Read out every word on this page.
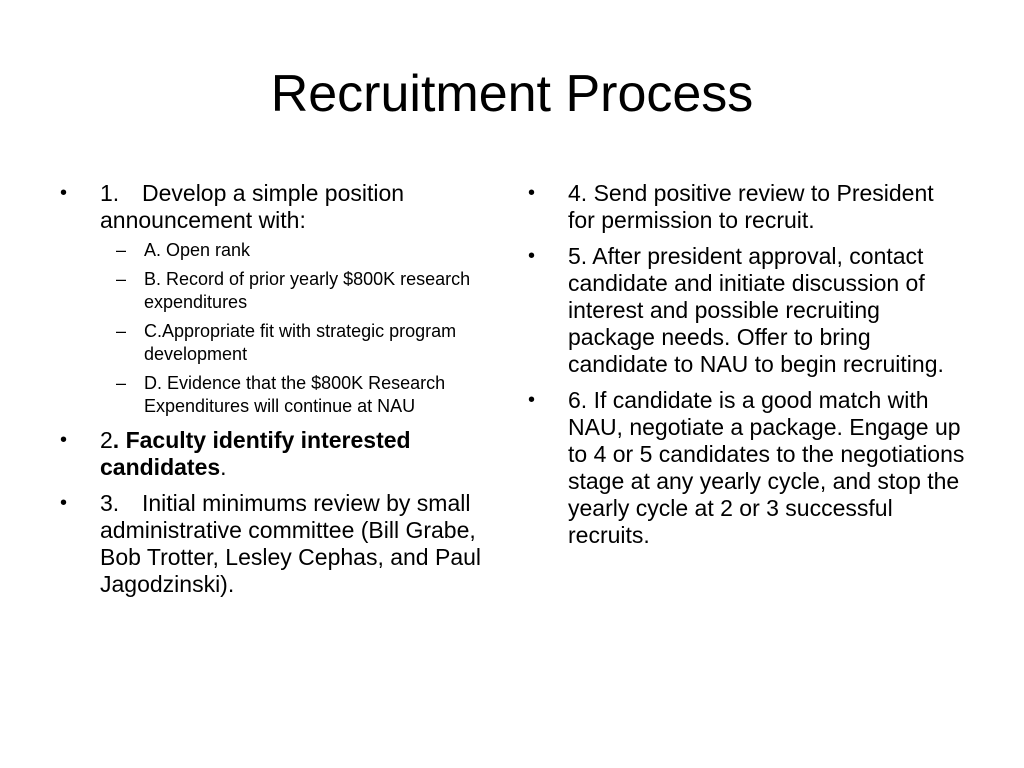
Recruitment Process
• 1. Develop a simple position announcement with:
– A. Open rank
– B. Record of prior yearly $800K research expenditures
– C.Appropriate fit with strategic program development
– D. Evidence that the $800K Research Expenditures will continue at NAU
• 2. Faculty identify interested candidates.
• 3. Initial minimums review by small administrative committee (Bill Grabe, Bob Trotter, Lesley Cephas, and Paul Jagodzinski).
• 4. Send positive review to President for permission to recruit.
• 5. After president approval, contact candidate and initiate discussion of interest and possible recruiting package needs. Offer to bring candidate to NAU to begin recruiting.
• 6. If candidate is a good match with NAU, negotiate a package. Engage up to 4 or 5 candidates to the negotiations stage at any yearly cycle, and stop the yearly cycle at 2 or 3 successful recruits.
